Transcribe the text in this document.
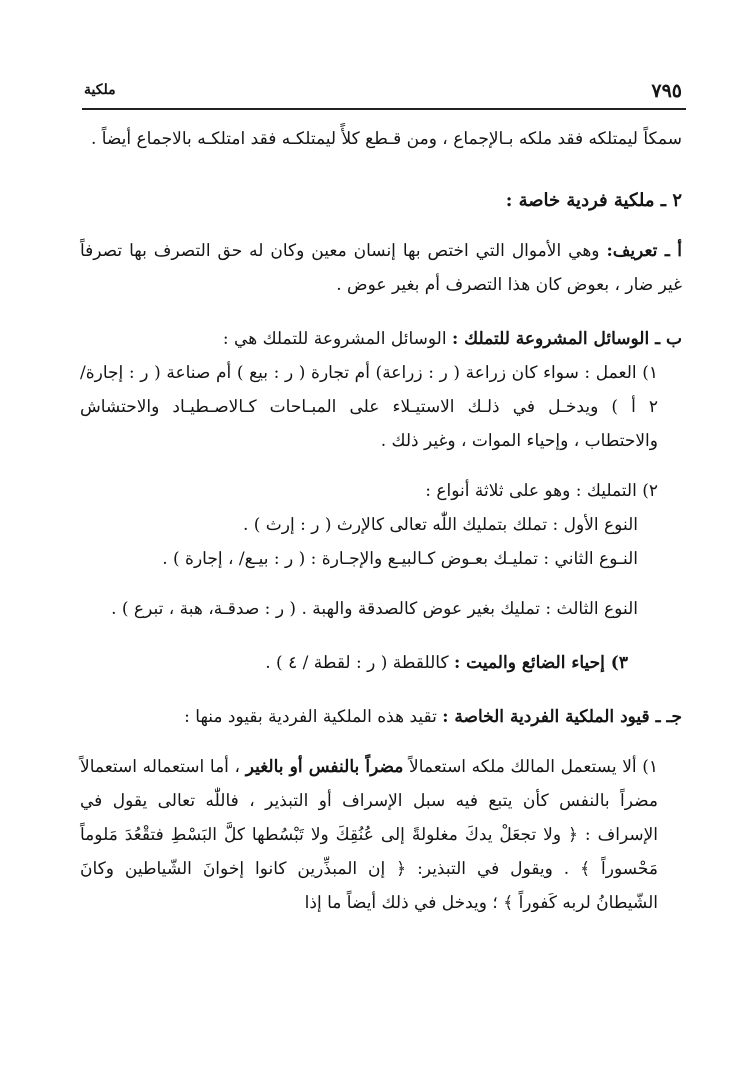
٧٩٥
ملكية

سمكاً ليمتلكه فقد ملكه بـالإجماع ، ومن قـطع كلأً ليمتلكـه فقد امتلكـه بالاجماع أيضاً .

٢ ـ ملكية فردية خاصة :

أ ـ تعريف: وهي الأموال التي اختص بها إنسان معين وكان له حق التصرف بها تصرفاً غير ضار ، بعوض كان هذا التصرف أم بغير عوض .

ب ـ الوسائل المشروعة للتملك : الوسائل المشروعة للتملك هي :

١) العمل : سواء كان زراعة ( ر : زراعة) أم تجارة ( ر : بيع ) أم صناعة ( ر : إجارة/ ٢ أ ) ويدخـل في ذلـك الاستيـلاء على المبـاحات كـالاصـطيـاد والاحتشاش والاحتطاب ، وإحياء الموات ، وغير ذلك .

٢) التمليك : وهو على ثلاثة أنواع :

النوع الأول : تملك بتمليك اللّٰه تعالى كالإرث ( ر : إرث ) .

النـوع الثاني : تمليـك بعـوض كـالبيـع والإجـارة : ( ر : بيـع/ ، إجارة ) .

النوع الثالث : تمليك بغير عوض كالصدقة والهبة . ( ر : صدقـة، هبة ، تبرع ) .

٣) إحياء الضائع والميت : كاللقطة ( ر : لقطة / ٤ ) .

جـ ـ قيود الملكية الفردية الخاصة : تقيد هذه الملكية الفردية بقيود منها :

١) ألا يستعمل المالك ملكه استعمالاً مضراً بالنفس أو بالغير ، أما استعماله استعمالاً مضراً بالنفس كأن يتبع فيه سبل الإسراف أو التبذير ، فاللّٰه تعالى يقول في الإسراف : ﴿ ولا تجعَلْ يدكَ مغلولةً إلى عُنُقِكَ ولا تَبْسُطها كلَّ البَسْطِ فتقْعُدَ مَلوماً مَحْسوراً ﴾ . ويقول في التبذير: ﴿ إن المبذِّرين كانوا إخوانَ الشّياطين وكانَ الشّيطانُ لربه كَفوراً ﴾ ؛ ويدخل في ذلك أيضاً ما إذا
